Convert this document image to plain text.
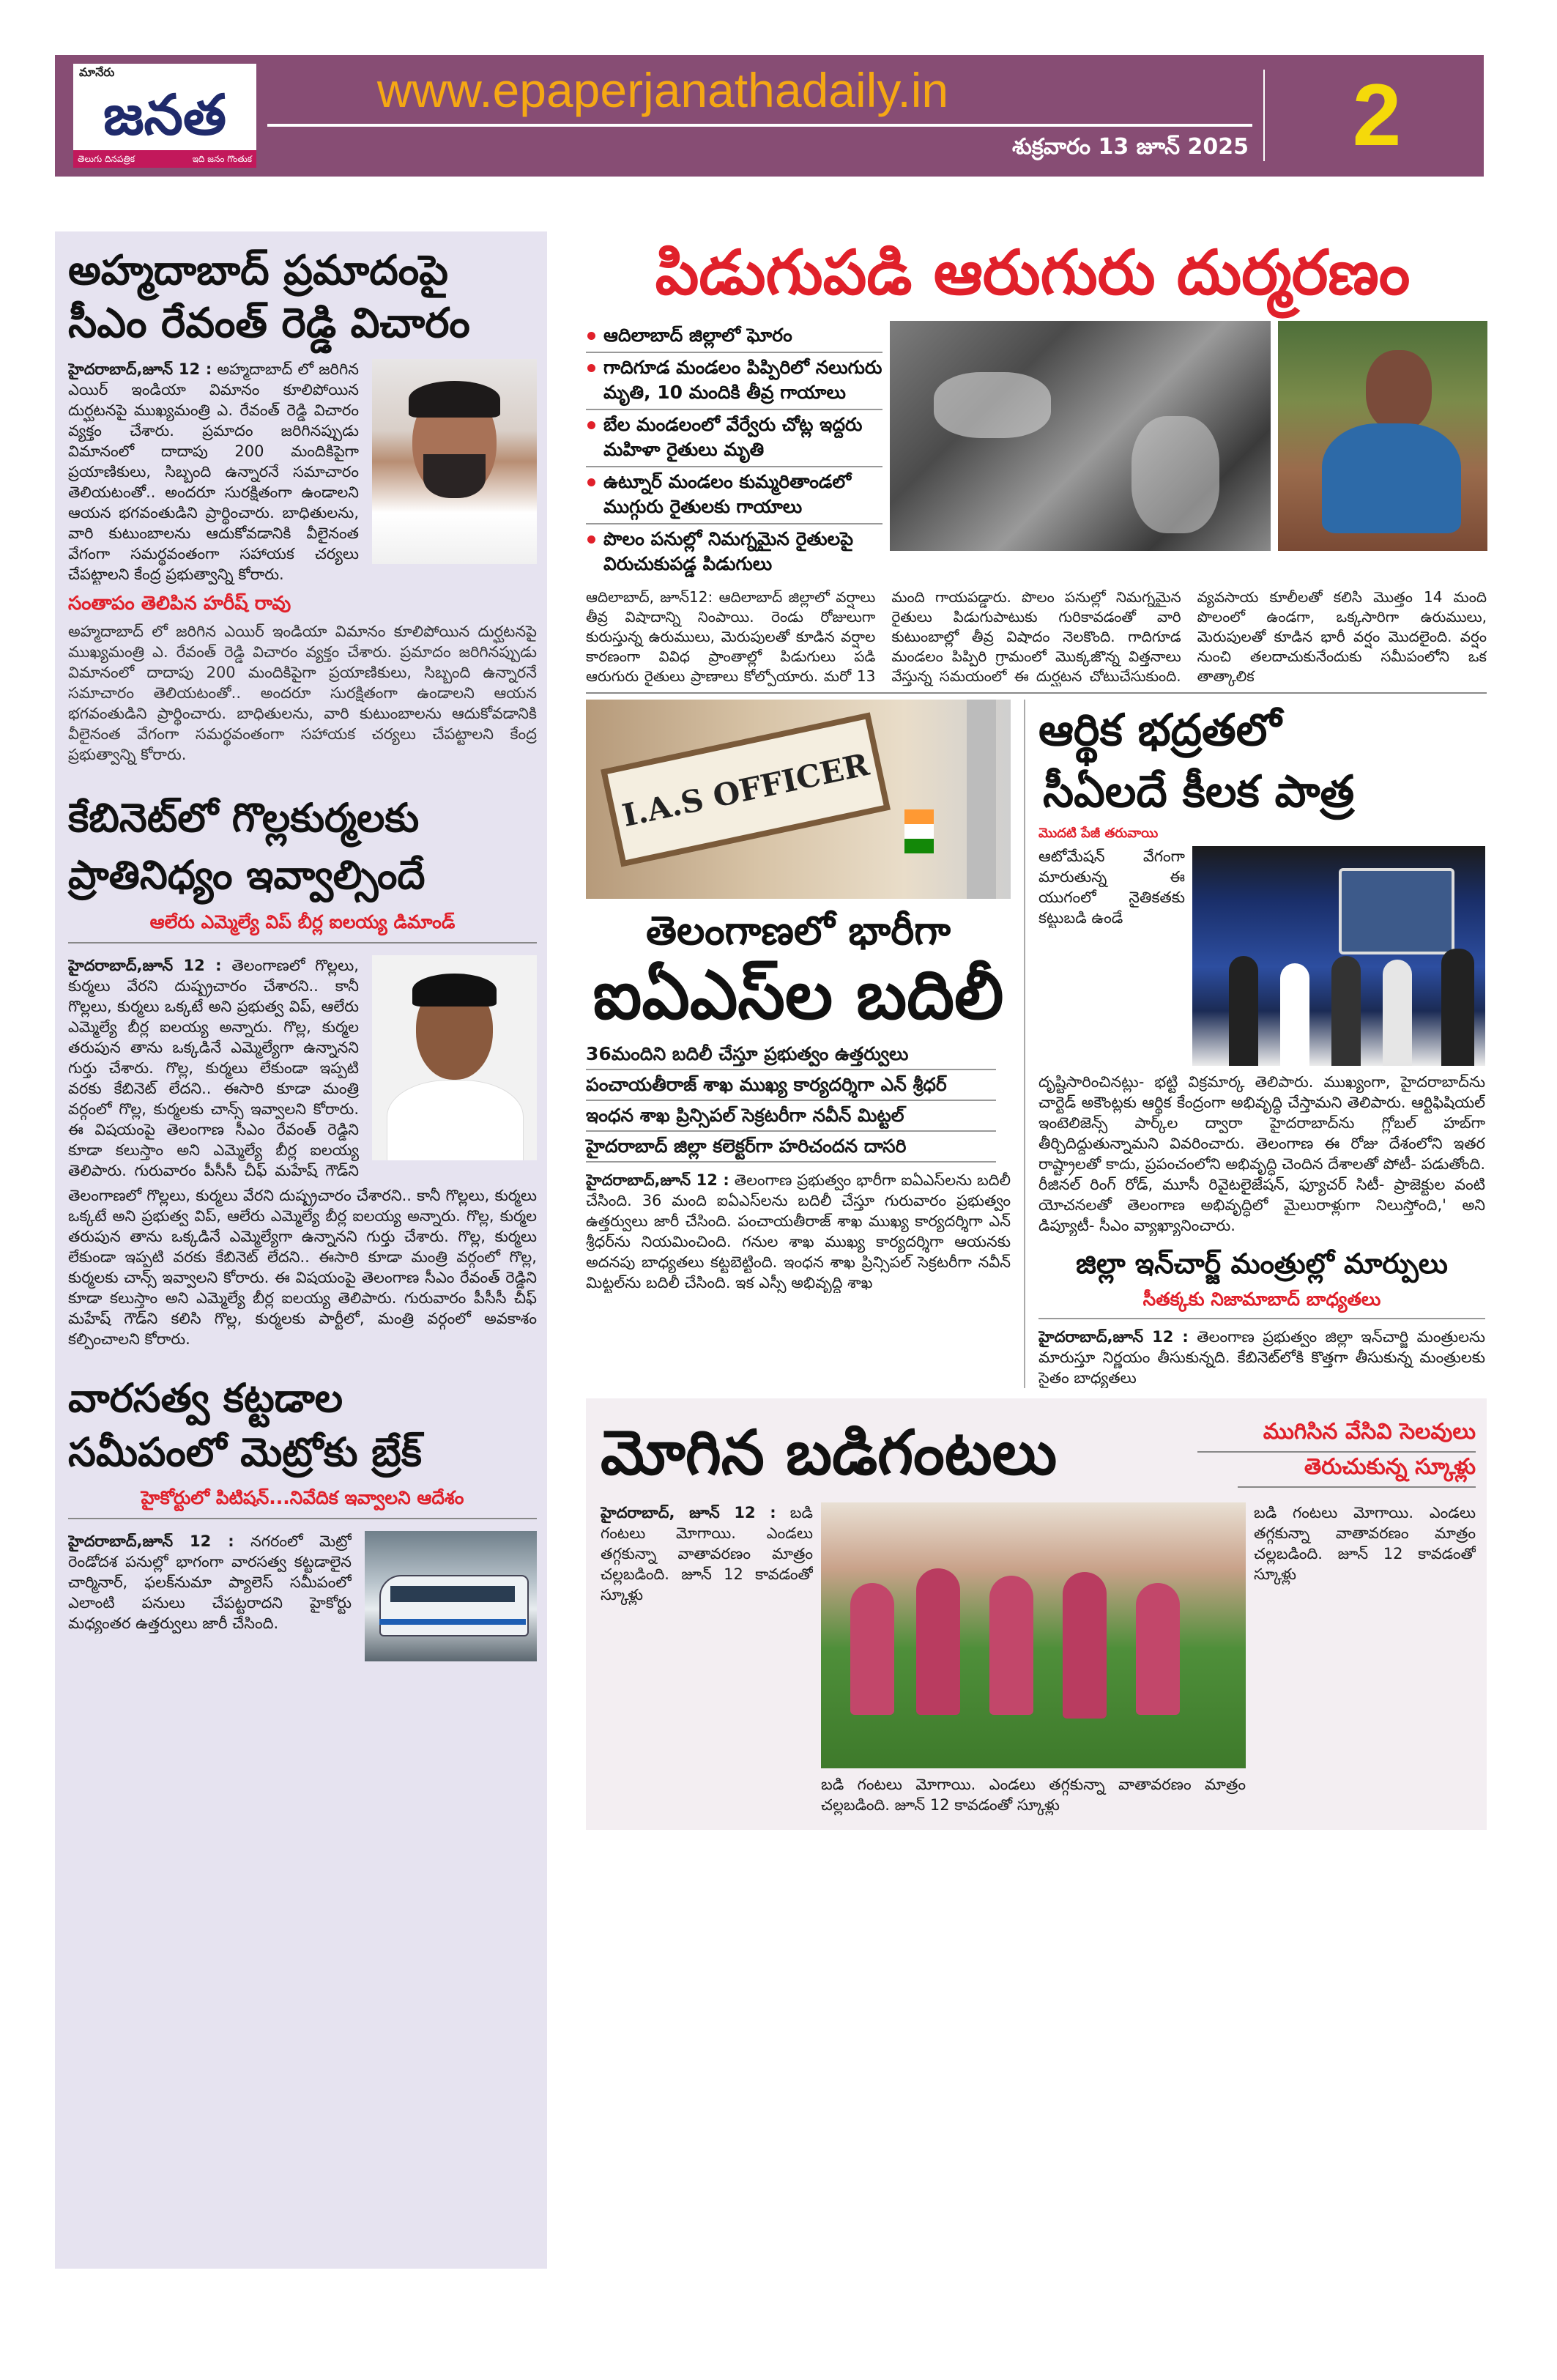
మానేరు
జనత
తెలుగు దినపత్రిక	ఇది జనం గొంతుక
www.epaperjanathadaily.in
శుక్రవారం 13 జూన్ 2025	2
అహ్మదాబాద్ ప్రమాదంపై
సీఎం రేవంత్ రెడ్డి విచారం
హైదరాబాద్,జూన్ 12 : అహ్మదాబాద్ లో జరిగిన ఎయిర్ ఇండియా విమానం కూలిపోయిన దుర్ఘటనపై ముఖ్యమంత్రి ఎ. రేవంత్ రెడ్డి విచారం వ్యక్తం చేశారు. ప్రమాదం జరిగినప్పుడు విమానంలో దాదాపు 200 మందికిపైగా ప్రయాణికులు, సిబ్బంది ఉన్నారనే సమాచారం తెలియటంతో.. అందరూ సురక్షితంగా ఉండాలని ఆయన భగవంతుడిని ప్రార్థించారు. బాధితులను, వారి కుటుంబాలను ఆదుకోవడానికి వీలైనంత వేగంగా సమర్థవంతంగా సహాయక చర్యలు చేపట్టాలని కేంద్ర ప్రభుత్వాన్ని కోరారు.
సంతాపం తెలిపిన హరీష్ రావు
అహ్మదాబాద్ లో జరిగిన ఎయిర్ ఇండియా విమానం కూలిపోయిన దుర్ఘటనపై ముఖ్యమంత్రి ఎ. రేవంత్ రెడ్డి విచారం వ్యక్తం చేశారు. ప్రమాదం జరిగినప్పుడు విమానంలో దాదాపు 200 మందికిపైగా ప్రయాణికులు, సిబ్బంది ఉన్నారనే సమాచారం తెలియటంతో.. అందరూ సురక్షితంగా ఉండాలని ఆయన భగవంతుడిని ప్రార్థించారు. బాధితులను, వారి కుటుంబాలను ఆదుకోవడానికి వీలైనంత వేగంగా సమర్థవంతంగా సహాయక చర్యలు చేపట్టాలని కేంద్ర ప్రభుత్వాన్ని కోరారు.
కేబినెట్‌లో గొల్లకుర్మలకు
ప్రాతినిధ్యం ఇవ్వాల్సిందే
ఆలేరు ఎమ్మెల్యే విప్ బీర్ల ఐలయ్య డిమాండ్
హైదరాబాద్,జూన్ 12 : తెలంగాణలో గొల్లలు, కుర్మలు వేరని దుష్ప్రచారం చేశారని.. కానీ గొల్లలు, కుర్మలు ఒక్కటే అని ప్రభుత్వ విప్, ఆలేరు ఎమ్మెల్యే బీర్ల ఐలయ్య అన్నారు. గొల్ల, కుర్మల తరుపున తాను ఒక్కడినే ఎమ్మెల్యేగా ఉన్నానని గుర్తు చేశారు. గొల్ల, కుర్మలు లేకుండా ఇప్పటి వరకు కేబినెట్ లేదని.. ఈసారి కూడా మంత్రి వర్గంలో గొల్ల, కుర్మలకు చాన్స్ ఇవ్వాలని కోరారు. ఈ విషయంపై తెలంగాణ సీఎం రేవంత్ రెడ్డిని కూడా కలుస్తాం అని ఎమ్మెల్యే బీర్ల ఐలయ్య తెలిపారు. గురువారం పీసీసీ చీఫ్ మహేష్ గౌడ్‌ని
తెలంగాణలో గొల్లలు, కుర్మలు వేరని దుష్ప్రచారం చేశారని.. కానీ గొల్లలు, కుర్మలు ఒక్కటే అని ప్రభుత్వ విప్, ఆలేరు ఎమ్మెల్యే బీర్ల ఐలయ్య అన్నారు. గొల్ల, కుర్మల తరుపున తాను ఒక్కడినే ఎమ్మెల్యేగా ఉన్నానని గుర్తు చేశారు. గొల్ల, కుర్మలు లేకుండా ఇప్పటి వరకు కేబినెట్ లేదని.. ఈసారి కూడా మంత్రి వర్గంలో గొల్ల, కుర్మలకు చాన్స్ ఇవ్వాలని కోరారు. ఈ విషయంపై తెలంగాణ సీఎం రేవంత్ రెడ్డిని కూడా కలుస్తాం అని ఎమ్మెల్యే బీర్ల ఐలయ్య తెలిపారు. గురువారం పీసీసీ చీఫ్ మహేష్ గౌడ్‌ని కలిసి గొల్ల, కుర్మలకు పార్టీలో, మంత్రి వర్గంలో అవకాశం కల్పించాలని కోరారు.
వారసత్వ కట్టడాల
సమీపంలో మెట్రోకు బ్రేక్
హైకోర్టులో పిటిషన్...నివేదిక ఇవ్వాలని ఆదేశం
హైదరాబాద్,జూన్ 12 : నగరంలో మెట్రో రెండోదశ పనుల్లో భాగంగా వారసత్వ కట్టడాలైన చార్మినార్, ఫలక్‌నుమా ప్యాలెస్ సమీపంలో ఎలాంటి పనులు చేపట్టరాదని హైకోర్టు మధ్యంతర ఉత్తర్వులు జారీ చేసింది.
పిడుగుపడి ఆరుగురు దుర్మరణం
ఆదిలాబాద్ జిల్లాలో ఘోరం
గాదిగూడ మండలం పిప్పిరిలో నలుగురు మృతి, 10 మందికి తీవ్ర గాయాలు
బేల మండలంలో వేర్వేరు చోట్ల ఇద్దరు మహిళా రైతులు మృతి
ఉట్నూర్ మండలం కుమ్మరితాండలో ముగ్గురు రైతులకు గాయాలు
పొలం పనుల్లో నిమగ్నమైన రైతులపై విరుచుకుపడ్డ పిడుగులు
ఆదిలాబాద్, జూన్12: ఆదిలాబాద్ జిల్లాలో వర్షాలు తీవ్ర విషాదాన్ని నింపాయి. రెండు రోజులుగా కురుస్తున్న ఉరుములు, మెరుపులతో కూడిన వర్షాల కారణంగా వివిధ ప్రాంతాల్లో పిడుగులు పడి ఆరుగురు రైతులు ప్రాణాలు కోల్పోయారు. మరో 13 మంది గాయపడ్డారు. పొలం పనుల్లో నిమగ్నమైన రైతులు పిడుగుపాటుకు గురికావడంతో వారి కుటుంబాల్లో తీవ్ర విషాదం నెలకొంది. గాదిగూడ మండలం పిప్పిరి గ్రామంలో మొక్కజొన్న విత్తనాలు వేస్తున్న సమయంలో ఈ దుర్ఘటన చోటుచేసుకుంది. వ్యవసాయ కూలీలతో కలిసి మొత్తం 14 మంది పొలంలో ఉండగా, ఒక్కసారిగా ఉరుములు, మెరుపులతో కూడిన భారీ వర్షం మొదలైంది. వర్షం నుంచి తలదాచుకునేందుకు సమీపంలోని ఒక తాత్కాలిక
I.A.S OFFICER
తెలంగాణలో భారీగా
ఐఏఎస్‌ల బదిలీ
36మందిని బదిలీ చేస్తూ ప్రభుత్వం ఉత్తర్వులు
పంచాయతీరాజ్ శాఖ ముఖ్య కార్యదర్శిగా ఎన్ శ్రీధర్
ఇంధన శాఖ ప్రిన్సిపల్ సెక్రటరీగా నవీన్ మిట్టల్
హైదరాబాద్ జిల్లా కలెక్టర్‌గా హరిచందన దాసరి
హైదరాబాద్,జూన్ 12 : తెలంగాణ ప్రభుత్వం భారీగా ఐఏఎస్‌లను బదిలీ చేసింది. 36 మంది ఐఏఎస్‌లను బదిలీ చేస్తూ గురువారం ప్రభుత్వం ఉత్తర్వులు జారీ చేసింది. పంచాయతీరాజ్ శాఖ ముఖ్య కార్యదర్శిగా ఎన్ శ్రీధర్‌ను నియమించింది. గనుల శాఖ ముఖ్య కార్యదర్శిగా ఆయనకు అదనపు బాధ్యతలు కట్టబెట్టింది. ఇంధన శాఖ ప్రిన్సిపల్ సెక్రటరీగా నవీన్ మిట్టల్‌ను బదిలీ చేసింది. ఇక ఎస్సీ అభివృద్ధి శాఖ
ఆర్థిక భద్రతలో
సీఏలదే కీలక పాత్ర
మొదటి పేజీ తరువాయి
ఆటోమేషన్ వేగంగా మారుతున్న ఈ యుగంలో నైతికతకు కట్టుబడి ఉండే
దృష్టిసారించినట్లు- భట్టి విక్రమార్క తెలిపారు. ముఖ్యంగా, హైదరాబాద్‌ను చార్టెడ్ అకౌంట్లకు ఆర్థిక కేంద్రంగా అభివృద్ధి చేస్తామని తెలిపారు. ఆర్టిఫిషియల్ ఇంటెలిజెన్స్ పార్క్‌ల ద్వారా హైదరాబాద్‌ను గ్లోబల్ హబ్‌గా తీర్చిదిద్దుతున్నామని వివరించారు. తెలంగాణ ఈ రోజు దేశంలోని ఇతర రాష్ట్రాలతో కాదు, ప్రపంచంలోని అభివృద్ధి చెందిన దేశాలతో పోటీ- పడుతోంది. రీజినల్ రింగ్ రోడ్, మూసీ రివైటలైజేషన్, ఫ్యూచర్ సిటీ- ప్రాజెక్టుల వంటి యోచనలతో తెలంగాణ అభివృద్ధిలో మైలురాళ్లుగా నిలుస్తోంది,' అని డిప్యూటీ- సీఎం వ్యాఖ్యానించారు.
జిల్లా ఇన్‌చార్జ్ మంత్రుల్లో మార్పులు
సీతక్కకు నిజామాబాద్ బాధ్యతలు
హైదరాబాద్,జూన్ 12 : తెలంగాణ ప్రభుత్వం జిల్లా ఇన్‌చార్జి మంత్రులను మారుస్తూ నిర్ణయం తీసుకున్నది. కేబినెట్‌లోకి కొత్తగా తీసుకున్న మంత్రులకు సైతం బాధ్యతలు
మోగిన బడిగంటలు	ముగిసిన వేసివి సెలవులు
తెరుచుకున్న స్కూళ్లు
హైదరాబాద్, జూన్ 12 : బడి గంటలు మోగాయి. ఎండలు తగ్గకున్నా వాతావరణం మాత్రం చల్లబడింది. జూన్ 12 కావడంతో స్కూళ్లు
బడి గంటలు మోగాయి. ఎండలు తగ్గకున్నా వాతావరణం మాత్రం చల్లబడింది. జూన్ 12 కావడంతో స్కూళ్లు
బడి గంటలు మోగాయి. ఎండలు తగ్గకున్నా వాతావరణం మాత్రం చల్లబడింది. జూన్ 12 కావడంతో స్కూళ్లు
